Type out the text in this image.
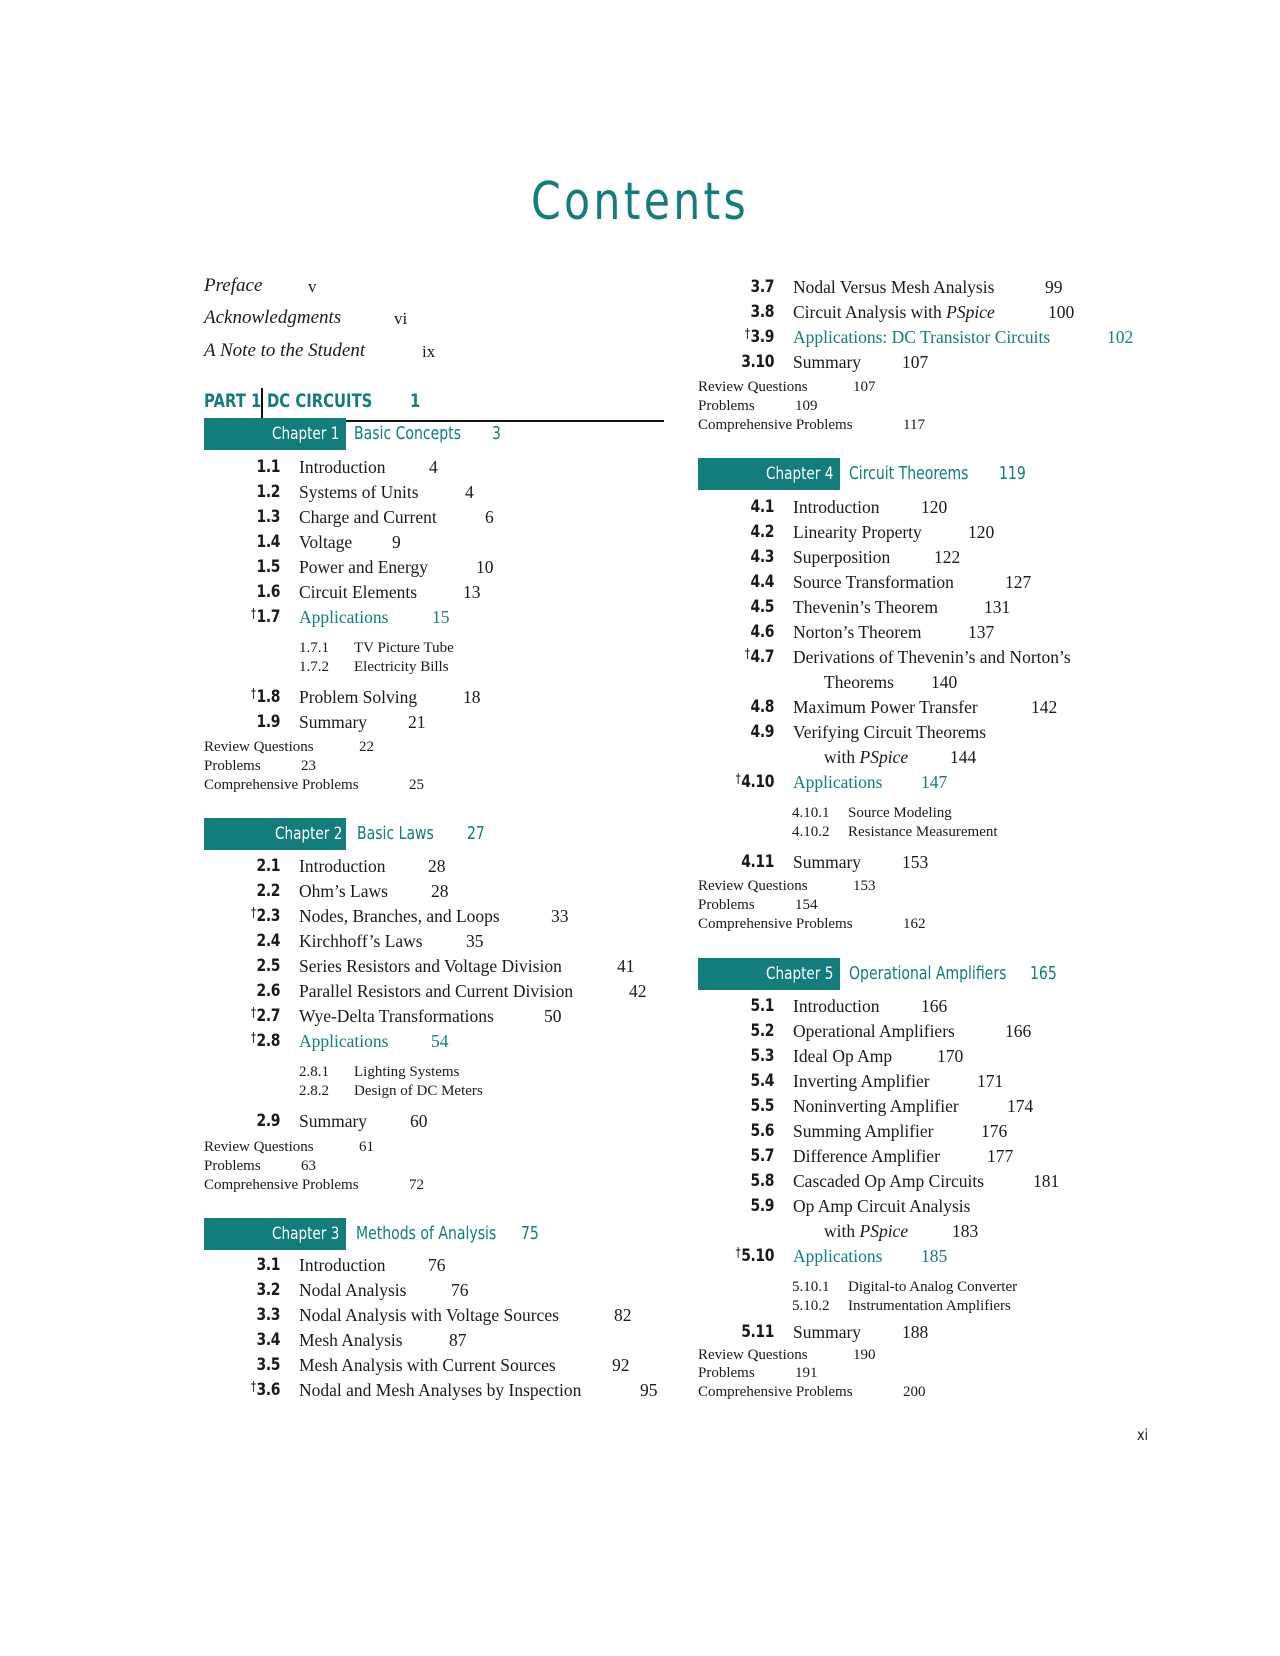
Contents
Preface	v
Acknowledgments	vi
A Note to the Student	ix
PART 1 DC CIRCUITS 1
Chapter 1 Basic Concepts 3
1.1 Introduction 4
1.2 Systems of Units	4
1.3 Charge and Current	6
1.4 Voltage 9
1.5 Power and Energy	10
1.6 Circuit Elements	13
†1.7 Applications 15
1.7.1 TV Picture Tube
1.7.2 Electricity Bills
†1.8 Problem Solving	18
1.9 Summary 21
Review Questions	22
Problems	23
Comprehensive Problems	25
Chapter 2 Basic Laws 27
2.1 Introduction 28
2.2 Ohm’s Laws 28
†2.3 Nodes, Branches, and Loops	33
2.4 Kirchhoff’s Laws 35
2.5 Series Resistors and Voltage Division	41
2.6 Parallel Resistors and Current Division	42
†2.7 Wye-Delta Transformations	50
†2.8 Applications 54
2.8.1 Lighting Systems
2.8.2 Design of DC Meters
2.9 Summary 60
Review Questions	61
Problems	63
Comprehensive Problems	72
Chapter 3 Methods of Analysis 75
3.1 Introduction 76
3.2 Nodal Analysis	76
3.3 Nodal Analysis with Voltage Sources	82
3.4 Mesh Analysis	87
3.5 Mesh Analysis with Current Sources	92
†3.6 Nodal and Mesh Analyses by Inspection	95
3.7 Nodal Versus Mesh Analysis	99
3.8 Circuit Analysis with PSpice	100
†3.9 Applications: DC Transistor Circuits	102
3.10 Summary 107
Review Questions	107
Problems	109
Comprehensive Problems	117
Chapter 4 Circuit Theorems 119
4.1 Introduction 120
4.2 Linearity Property	120
4.3 Superposition	122
4.4 Source Transformation	127
4.5 Thevenin’s Theorem	131
4.6 Norton’s Theorem	137
†4.7 Derivations of Thevenin’s and Norton’s
Theorems 140
4.8 Maximum Power Transfer	142
4.9 Verifying Circuit Theorems
with PSpice 144
†4.10 Applications 147
4.10.1 Source Modeling
4.10.2 Resistance Measurement
4.11 Summary 153
Review Questions	153
Problems	154
Comprehensive Problems	162
Chapter 5 Operational Amplifiers 165
5.1 Introduction 166
5.2 Operational Amplifiers	166
5.3 Ideal Op Amp	170
5.4 Inverting Amplifier	171
5.5 Noninverting Amplifier	174
5.6 Summing Amplifier	176
5.7 Difference Amplifier	177
5.8 Cascaded Op Amp Circuits	181
5.9 Op Amp Circuit Analysis
with PSpice	183
†5.10 Applications 185
5.10.1 Digital-to Analog Converter
5.10.2 Instrumentation Amplifiers
5.11 Summary 188
Review Questions	190
Problems	191
Comprehensive Problems	200
xi
